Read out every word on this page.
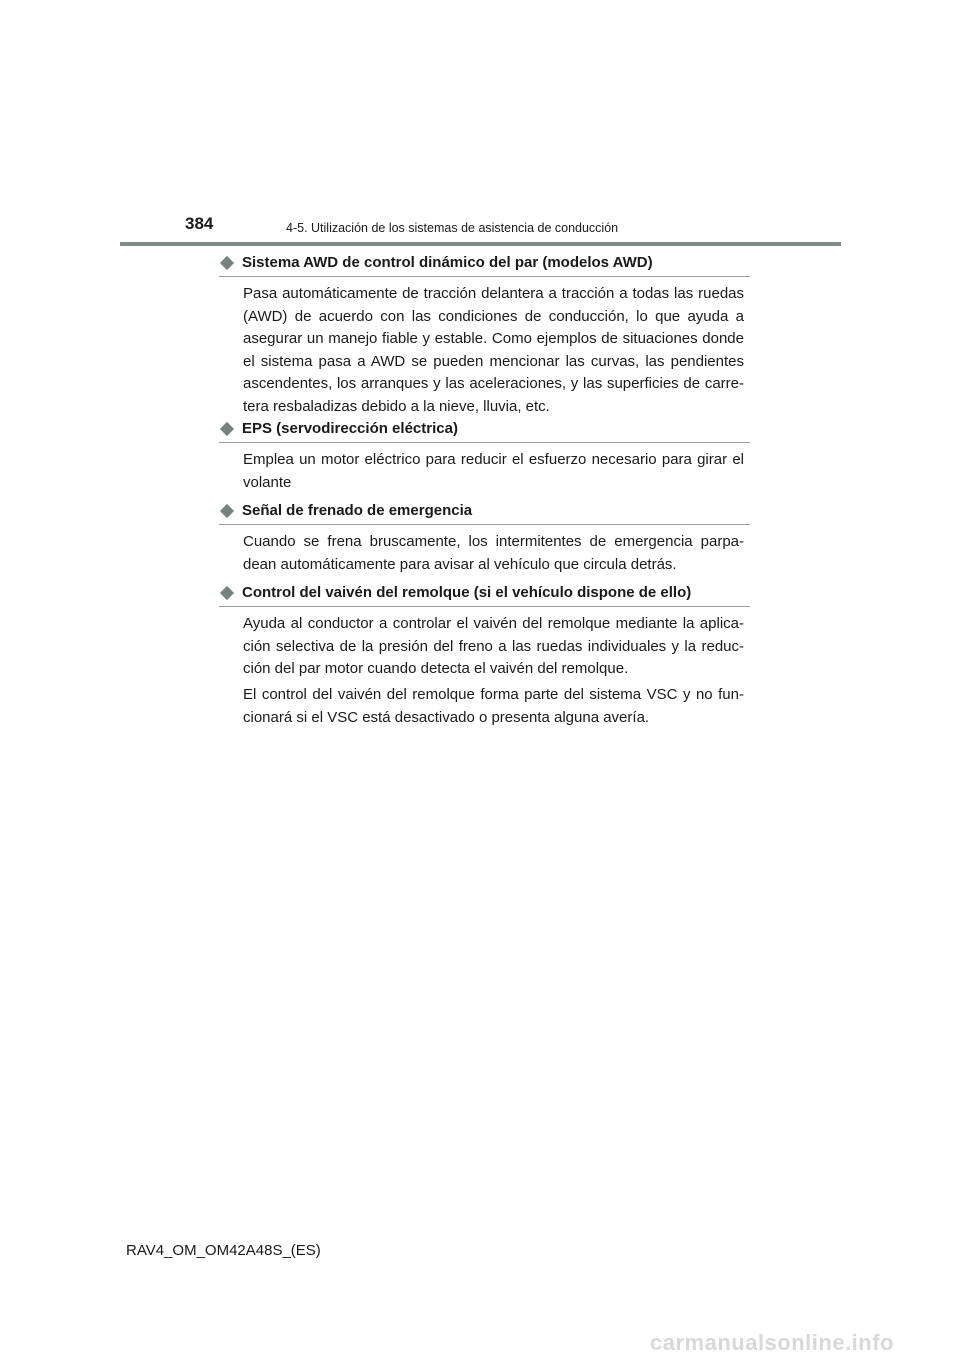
384	4-5. Utilización de los sistemas de asistencia de conducción
Sistema AWD de control dinámico del par (modelos AWD)

Pasa automáticamente de tracción delantera a tracción a todas las ruedas (AWD) de acuerdo con las condiciones de conducción, lo que ayuda a asegurar un manejo fiable y estable. Como ejemplos de situaciones donde el sistema pasa a AWD se pueden mencionar las curvas, las pendientes ascendentes, los arranques y las aceleraciones, y las superficies de carre-tera resbaladizas debido a la nieve, lluvia, etc.

EPS (servodirección eléctrica)

Emplea un motor eléctrico para reducir el esfuerzo necesario para girar el volante

Señal de frenado de emergencia

Cuando se frena bruscamente, los intermitentes de emergencia parpa-dean automáticamente para avisar al vehículo que circula detrás.

Control del vaivén del remolque (si el vehículo dispone de ello)

Ayuda al conductor a controlar el vaivén del remolque mediante la aplica-ción selectiva de la presión del freno a las ruedas individuales y la reduc-ción del par motor cuando detecta el vaivén del remolque.

El control del vaivén del remolque forma parte del sistema VSC y no fun-cionará si el VSC está desactivado o presenta alguna avería.

RAV4_OM_OM42A48S_(ES)
carmanualsonline.info
